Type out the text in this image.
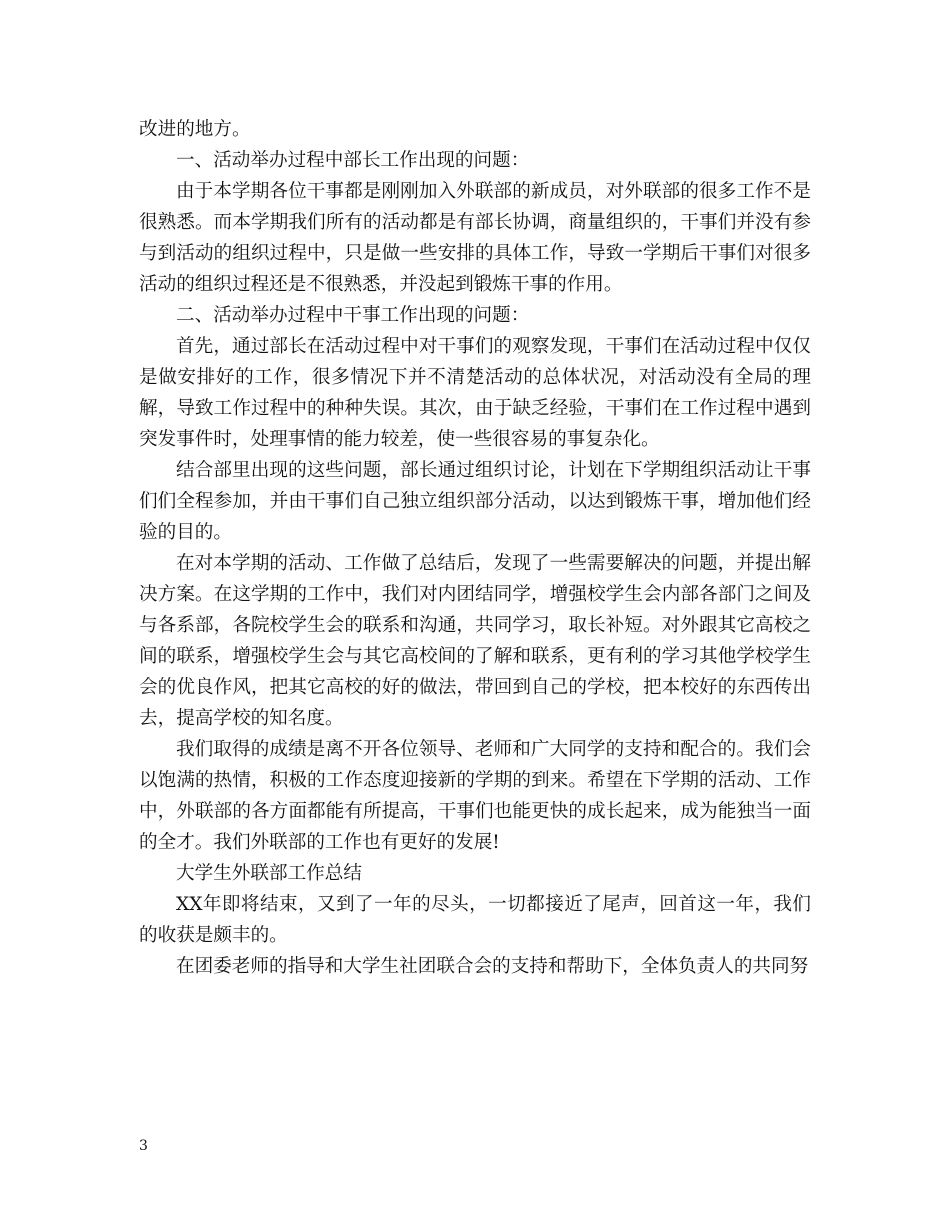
改进的地方。

一、活动举办过程中部长工作出现的问题：

由于本学期各位干事都是刚刚加入外联部的新成员，对外联部的很多工作不是很熟悉。而本学期我们所有的活动都是有部长协调，商量组织的，干事们并没有参与到活动的组织过程中，只是做一些安排的具体工作，导致一学期后干事们对很多活动的组织过程还是不很熟悉，并没起到锻炼干事的作用。

二、活动举办过程中干事工作出现的问题：

首先，通过部长在活动过程中对干事们的观察发现，干事们在活动过程中仅仅是做安排好的工作，很多情况下并不清楚活动的总体状况，对活动没有全局的理解，导致工作过程中的种种失误。其次，由于缺乏经验，干事们在工作过程中遇到突发事件时，处理事情的能力较差，使一些很容易的事复杂化。

结合部里出现的这些问题，部长通过组织讨论，计划在下学期组织活动让干事们们全程参加，并由干事们自己独立组织部分活动，以达到锻炼干事，增加他们经验的目的。

在对本学期的活动、工作做了总结后，发现了一些需要解决的问题，并提出解决方案。在这学期的工作中，我们对内团结同学，增强校学生会内部各部门之间及与各系部，各院校学生会的联系和沟通，共同学习，取长补短。对外跟其它高校之间的联系，增强校学生会与其它高校间的了解和联系，更有利的学习其他学校学生会的优良作风，把其它高校的好的做法，带回到自己的学校，把本校好的东西传出去，提高学校的知名度。

我们取得的成绩是离不开各位领导、老师和广大同学的支持和配合的。我们会以饱满的热情，积极的工作态度迎接新的学期的到来。希望在下学期的活动、工作中，外联部的各方面都能有所提高，干事们也能更快的成长起来，成为能独当一面的全才。我们外联部的工作也有更好的发展!

大学生外联部工作总结

XX年即将结束，又到了一年的尽头，一切都接近了尾声，回首这一年，我们的收获是颇丰的。

在团委老师的指导和大学生社团联合会的支持和帮助下，全体负责人的共同努

3
